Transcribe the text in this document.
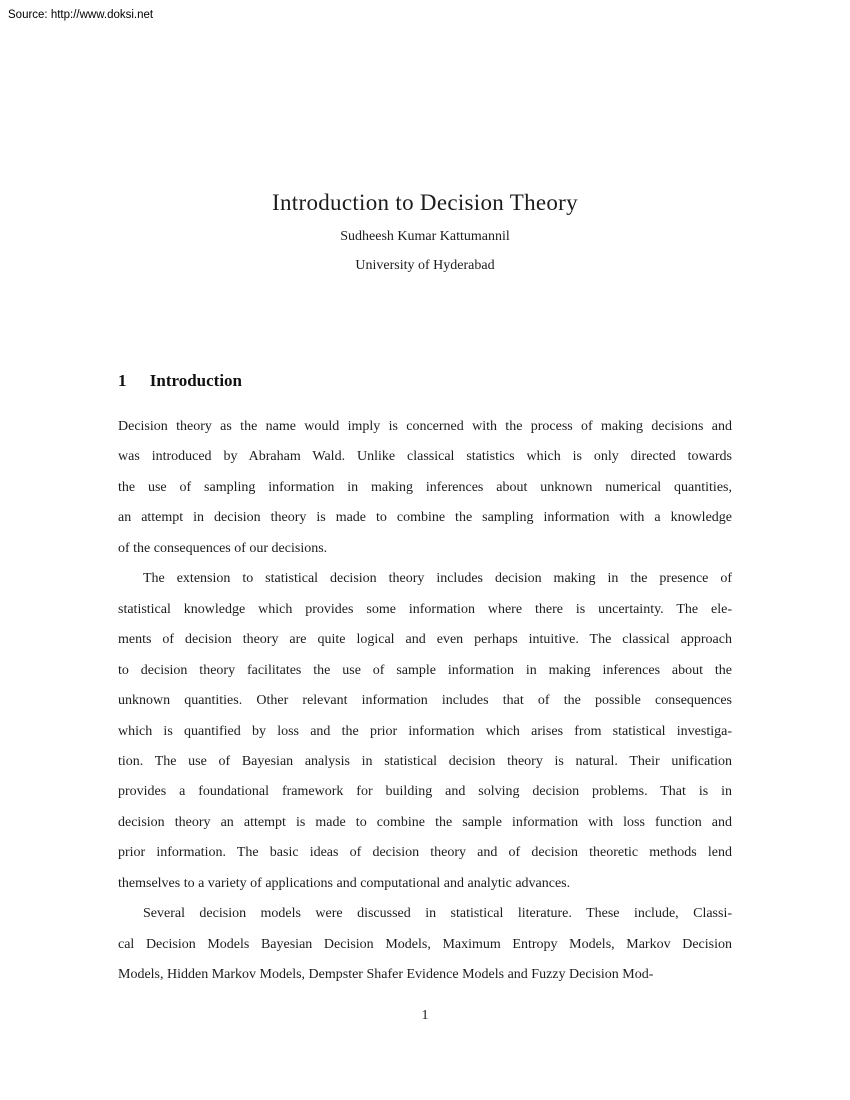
Source: http://www.doksi.net
Introduction to Decision Theory
Sudheesh Kumar Kattumannil
University of Hyderabad
1 Introduction
Decision theory as the name would imply is concerned with the process of making decisions and
was introduced by Abraham Wald. Unlike classical statistics which is only directed towards
the use of sampling information in making inferences about unknown numerical quantities,
an attempt in decision theory is made to combine the sampling information with a knowledge
of the consequences of our decisions.
The extension to statistical decision theory includes decision making in the presence of
statistical knowledge which provides some information where there is uncertainty. The ele-
ments of decision theory are quite logical and even perhaps intuitive. The classical approach
to decision theory facilitates the use of sample information in making inferences about the
unknown quantities. Other relevant information includes that of the possible consequences
which is quantified by loss and the prior information which arises from statistical investiga-
tion. The use of Bayesian analysis in statistical decision theory is natural. Their unification
provides a foundational framework for building and solving decision problems. That is in
decision theory an attempt is made to combine the sample information with loss function and
prior information. The basic ideas of decision theory and of decision theoretic methods lend
themselves to a variety of applications and computational and analytic advances.
Several decision models were discussed in statistical literature. These include, Classi-
cal Decision Models Bayesian Decision Models, Maximum Entropy Models, Markov Decision
Models, Hidden Markov Models, Dempster Shafer Evidence Models and Fuzzy Decision Mod-
1
